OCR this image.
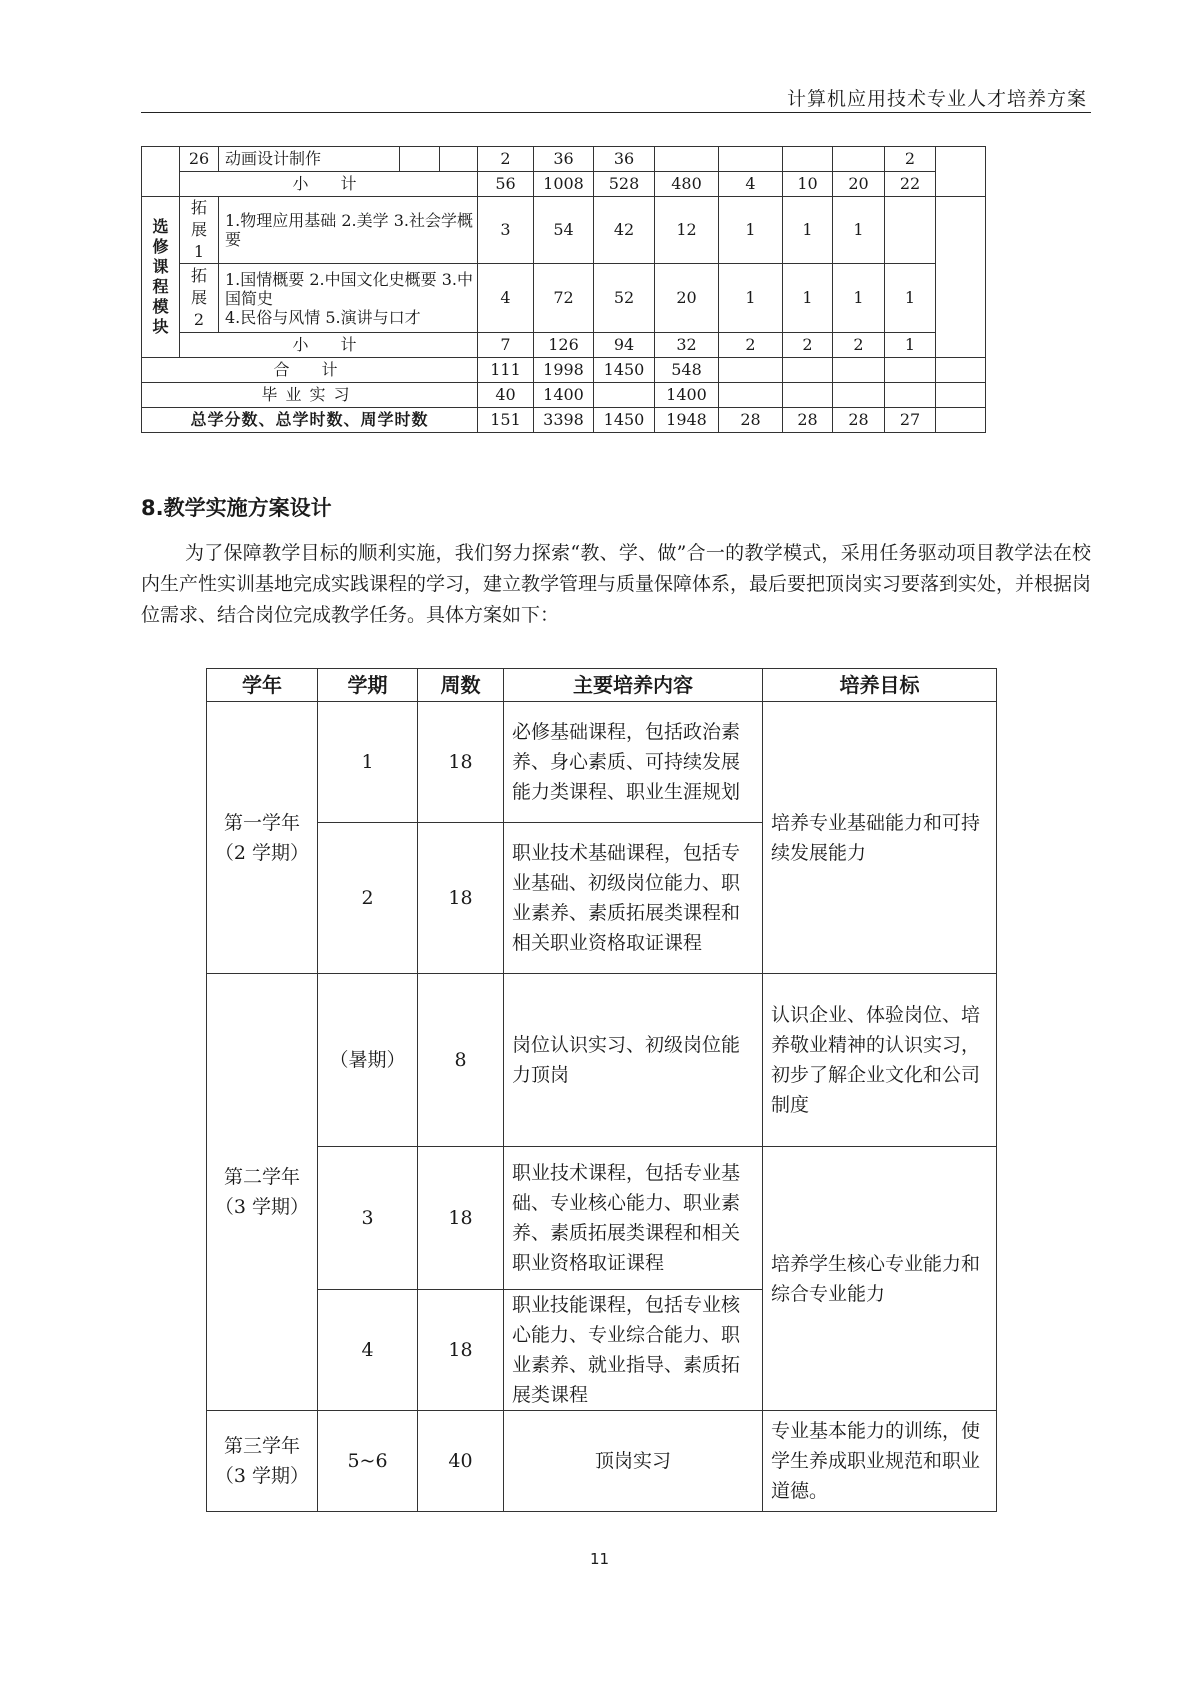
计算机应用技术专业人才培养方案
	26	动画设计制作			2	36	36					2	
	小　计				56	1008	528	480	4	10	20	22	
选修课程模块	拓展1	1.物理应用基础 2.美学 3.社会学概要			3	54	42	12	1	1	1		
	拓展2	1.国情概要 2.中国文化史概要 3.中国简史
4.民俗与风情 5.演讲与口才			4	72	52	20	1	1	1	1	
	小　计				7	126	94	32	2	2	2	1	
合　计					111	1998	1450	548					
毕业实习					40	1400		1400					
总学分数、总学时数、周学时数					151	3398	1450	1948	28	28	28	27	
8.教学实施方案设计

为了保障教学目标的顺利实施，我们努力探索“教、学、做”合一的教学模式，采用任务驱动项目教学法在校内生产性实训基地完成实践课程的学习，建立教学管理与质量保障体系，最后要把顶岗实习要落到实处，并根据岗位需求、结合岗位完成教学任务。具体方案如下：

学年	学期	周数	主要培养内容	培养目标

第一学年
（2 学期）	1	18	必修基础课程，包括政治素养、身心素质、可持续发展能力类课程、职业生涯规划	培养专业基础能力和可持续发展能力
	2	18	职业技术基础课程，包括专业基础、初级岗位能力、职业素养、素质拓展类课程和相关职业资格取证课程	

第二学年
（3 学期）	（暑期）	8	岗位认识实习、初级岗位能力顶岗	认识企业、体验岗位、培养敬业精神的认识实习，初步了解企业文化和公司制度
	3	18	职业技术课程，包括专业基础、专业核心能力、职业素养、素质拓展类课程和相关职业资格取证课程	培养学生核心专业能力和综合专业能力
	4	18	职业技能课程，包括专业核心能力、专业综合能力、职业素养、就业指导、素质拓展类课程	

第三学年
（3 学期）	5~6	40	顶岗实习	专业基本能力的训练，使学生养成职业规范和职业道德。
11
